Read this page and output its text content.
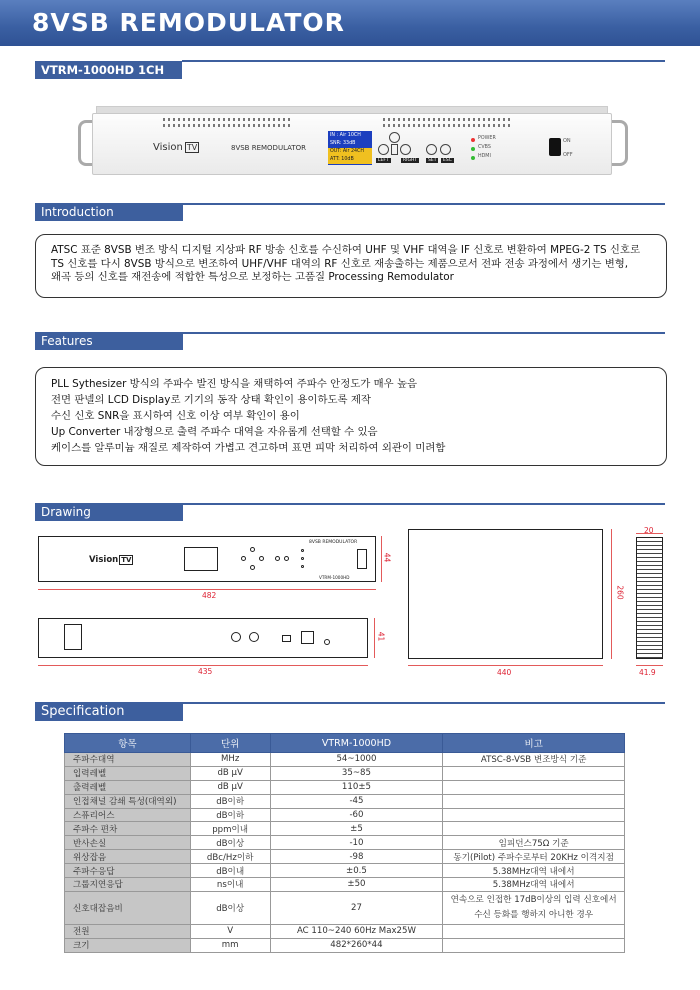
8VSB REMODULATOR
VTRM-1000HD 1CH
Vision TV	8VSB REMODULATOR
IN : Air 10CH
SNR: 33dB
OUT: Air 24CH
ATT: 10dB	LEFT	RIGHT	SET	ESC
POWER
CVBS
HDMI
ON
OFF
Introduction
ATSC 표준 8VSB 변조 방식 디지털 지상파 RF 방송 신호를 수신하여 UHF 및 VHF 대역을 IF 신호로 변환하여 MPEG-2 TS 신호로
TS 신호를 다시 8VSB 방식으로 변조하여 UHF/VHF 대역의 RF 신호로 재송출하는 제품으로서 전파 전송 과정에서 생기는 변형,
왜곡 등의 신호를 재전송에 적합한 특성으로 보정하는 고품질 Processing Remodulator
Features
PLL Sythesizer 방식의 주파수 발진 방식을 채택하여 주파수 안정도가 매우 높음
전면 판넬의 LCD Display로 기기의 동작 상태 확인이 용이하도록 제작
수신 신호 SNR을 표시하여 신호 이상 여부 확인이 용이
Up Converter 내장형으로 출력 주파수 대역을 자유롭게 선택할 수 있음
케이스를 알루미늄 재질로 제작하여 가볍고 견고하며 표면 피막 처리하여 외관이 미려함
Drawing
8VSB REMODULATOR
VTRM-1000HD
Vision TV
482
44
435
41
440
260
20
41.9
Specification
항목	단위	VTRM-1000HD	비고
주파수대역	MHz	54~1000	ATSC-8-VSB 변조방식 기준
입력레벨	dB μV	35~85	
출력레벨	dB μV	110±5	
인접채널 감쇄 특성(대역외)	dB이하	-45	
스퓨리어스	dB이하	-60	
주파수 편차	ppm이내	±5	
반사손실	dB이상	-10	임피던스75Ω 기준
위상잡음	dBc/Hz이하	-98	동기(Pilot) 주파수로부터 20KHz 이격지점
주파수응답	dB이내	±0.5	5.38MHz대역 내에서
그룹지연응답	ns이내	±50	5.38MHz대역 내에서
신호대잡음비	dB이상	27	연속으로 인접한 17dB이상의 입력 신호에서
수신 등화를 행하지 아니한 경우

전원	V	AC 110~240 60Hz Max25W	
크기	mm	482*260*44	
